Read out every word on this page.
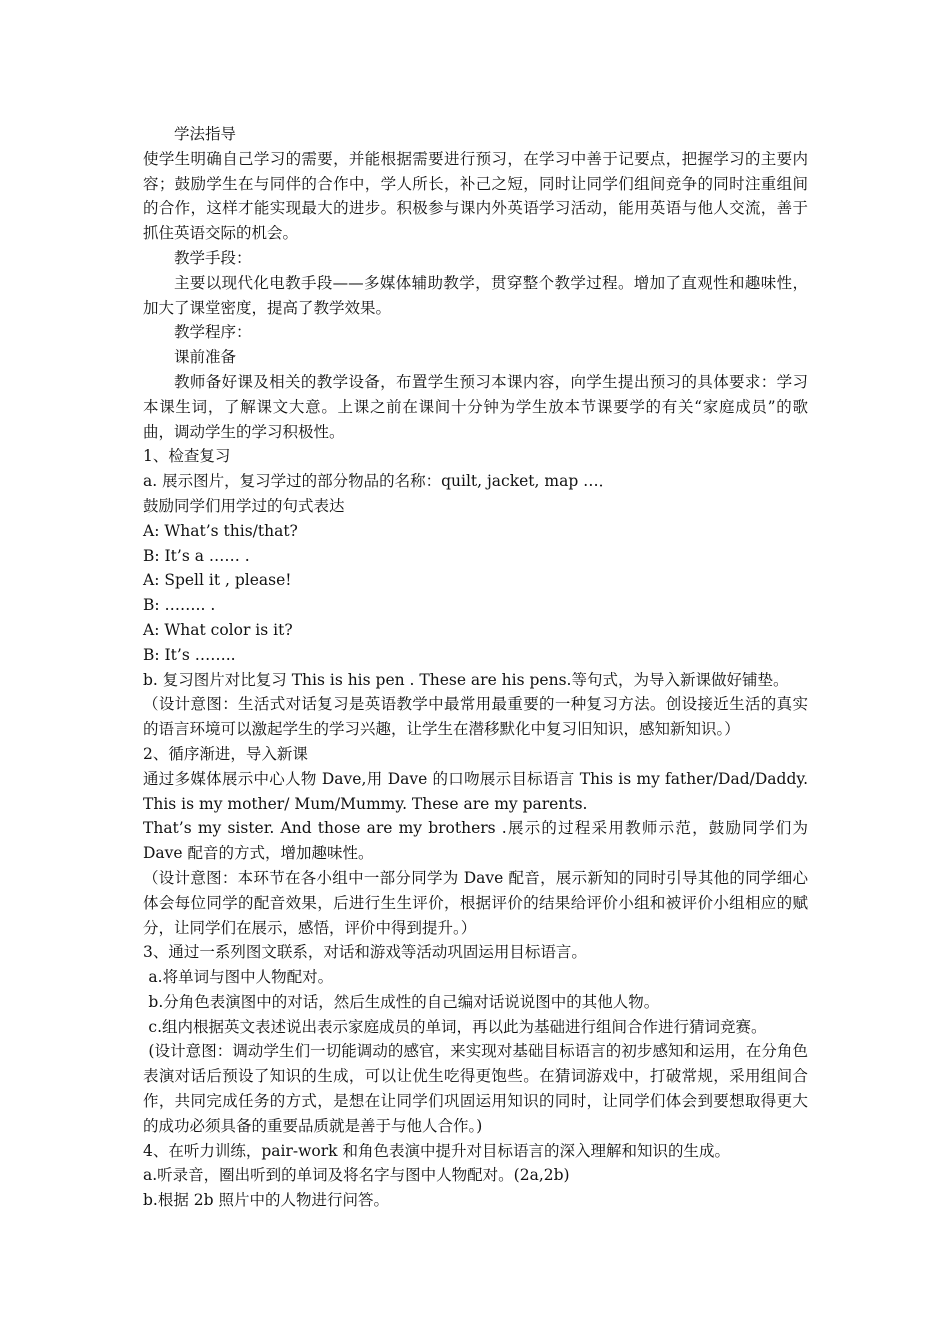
学法指导

使学生明确自己学习的需要，并能根据需要进行预习，在学习中善于记要点，把握学习的主要内容；鼓励学生在与同伴的合作中，学人所长，补己之短，同时让同学们组间竞争的同时注重组间的合作，这样才能实现最大的进步。积极参与课内外英语学习活动，能用英语与他人交流，善于抓住英语交际的机会。

教学手段：

主要以现代化电教手段——多媒体辅助教学，贯穿整个教学过程。增加了直观性和趣味性，加大了课堂密度，提高了教学效果。

教学程序：

课前准备

教师备好课及相关的教学设备，布置学生预习本课内容，向学生提出预习的具体要求：学习本课生词，了解课文大意。上课之前在课间十分钟为学生放本节课要学的有关“家庭成员”的歌曲，调动学生的学习积极性。

1、检查复习

a. 展示图片，复习学过的部分物品的名称：quilt, jacket, map …．

鼓励同学们用学过的句式表达

A: What’s this/that?

B: It’s a …… .

A: Spell it , please!

B: …….. .

A: What color is it?

B: It’s ……..

b. 复习图片对比复习 This is his pen . These are his pens.等句式，为导入新课做好铺垫。

（设计意图：生活式对话复习是英语教学中最常用最重要的一种复习方法。创设接近生活的真实的语言环境可以激起学生的学习兴趣，让学生在潜移默化中复习旧知识，感知新知识。）

2、循序渐进，导入新课

通过多媒体展示中心人物 Dave,用 Dave 的口吻展示目标语言 This is my father/Dad/Daddy. This is my mother/ Mum/Mummy. These are my parents.

That’s my sister. And those are my brothers .展示的过程采用教师示范，鼓励同学们为 Dave 配音的方式，增加趣味性。

（设计意图：本环节在各小组中一部分同学为 Dave 配音，展示新知的同时引导其他的同学细心体会每位同学的配音效果，后进行生生评价，根据评价的结果给评价小组和被评价小组相应的赋分，让同学们在展示，感悟，评价中得到提升。）

3、通过一系列图文联系，对话和游戏等活动巩固运用目标语言。

a.将单词与图中人物配对。

b.分角色表演图中的对话，然后生成性的自己编对话说说图中的其他人物。

c.组内根据英文表述说出表示家庭成员的单词，再以此为基础进行组间合作进行猜词竞赛。

(设计意图：调动学生们一切能调动的感官，来实现对基础目标语言的初步感知和运用，在分角色表演对话后预设了知识的生成，可以让优生吃得更饱些。在猜词游戏中，打破常规，采用组间合作，共同完成任务的方式，是想在让同学们巩固运用知识的同时，让同学们体会到要想取得更大的成功必须具备的重要品质就是善于与他人合作。)

4、在听力训练，pair-work 和角色表演中提升对目标语言的深入理解和知识的生成。

a.听录音，圈出听到的单词及将名字与图中人物配对。(2a,2b)

b.根据 2b 照片中的人物进行问答。
